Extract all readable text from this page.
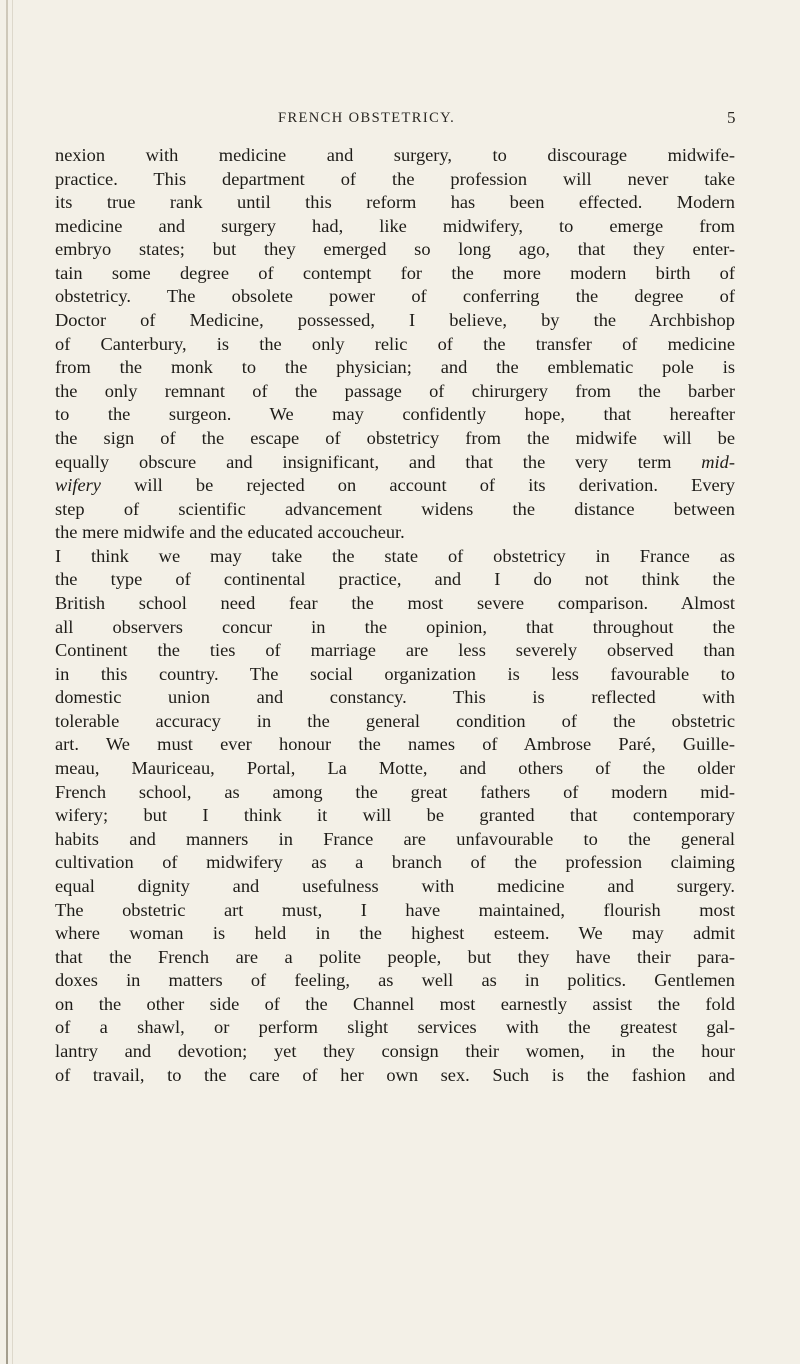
FRENCH OBSTETRICY.	5
nexion with medicine and surgery, to discourage midwife-
practice. This department of the profession will never take
its true rank until this reform has been effected. Modern
medicine and surgery had, like midwifery, to emerge from
embryo states; but they emerged so long ago, that they enter-
tain some degree of contempt for the more modern birth of
obstetricy. The obsolete power of conferring the degree of
Doctor of Medicine, possessed, I believe, by the Archbishop
of Canterbury, is the only relic of the transfer of medicine
from the monk to the physician; and the emblematic pole is
the only remnant of the passage of chirurgery from the barber
to the surgeon. We may confidently hope, that hereafter
the sign of the escape of obstetricy from the midwife will be
equally obscure and insignificant, and that the very term mid-
wifery will be rejected on account of its derivation. Every
step of scientific advancement widens the distance between
the mere midwife and the educated accoucheur.
I think we may take the state of obstetricy in France as
the type of continental practice, and I do not think the
British school need fear the most severe comparison. Almost
all observers concur in the opinion, that throughout the
Continent the ties of marriage are less severely observed than
in this country. The social organization is less favourable to
domestic union and constancy. This is reflected with
tolerable accuracy in the general condition of the obstetric
art. We must ever honour the names of Ambrose Paré, Guille-
meau, Mauriceau, Portal, La Motte, and others of the older
French school, as among the great fathers of modern mid-
wifery; but I think it will be granted that contemporary
habits and manners in France are unfavourable to the general
cultivation of midwifery as a branch of the profession claiming
equal dignity and usefulness with medicine and surgery.
The obstetric art must, I have maintained, flourish most
where woman is held in the highest esteem. We may admit
that the French are a polite people, but they have their para-
doxes in matters of feeling, as well as in politics. Gentlemen
on the other side of the Channel most earnestly assist the fold
of a shawl, or perform slight services with the greatest gal-
lantry and devotion; yet they consign their women, in the hour
of travail, to the care of her own sex. Such is the fashion and
